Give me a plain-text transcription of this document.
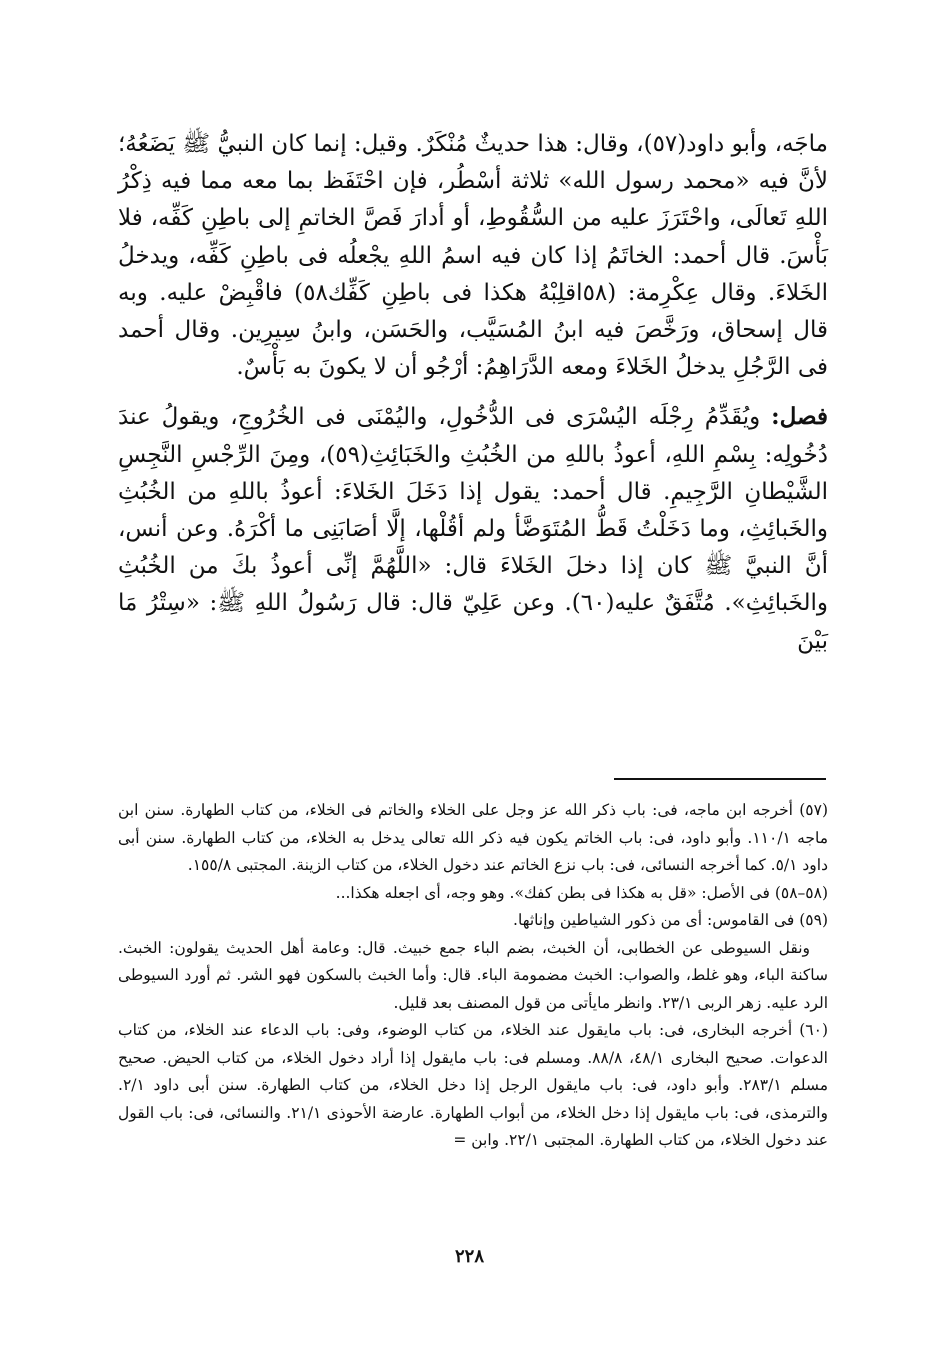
ماجَه، وأبو داود(٥٧)، وقال: هذا حديثٌ مُنْكَرٌ. وقيل: إنما كان النبيُّ ﷺ يَضَعُهُ؛ لأنَّ فيه «محمد رسول الله» ثلاثة أسْطُر، فإن احْتَفَظ بما معه مما فيه ذِكْرُ اللهِ تَعالَى، واحْتَرَزَ عليه من السُّقُوطِ، أو أدارَ فَصَّ الخاتمِ إلى باطِنِ كَفِّه، فلا بَأْسَ. قال أحمد: الخاتَمُ إذا كان فيه اسمُ اللهِ يجْعلُه فى باطِنِ كَفِّه، ويدخلُ الخَلاءَ. وقال عِكْرِمة: (٥٨اقلِبْهُ هكذا فى باطِنِ كَفِّك٥٨) فاقْبِضْ عليه. وبه قال إسحاق، ورَخَّصَ فيه ابنُ المُسَيَّب، والحَسَن، وابنُ سِيرِين. وقال أحمد فى الرَّجُلِ يدخلُ الخَلاءَ ومعه الدَّرَاهِمُ: أرْجُو أن لا يكونَ به بَأْسٌ.

فصل: ويُقَدِّمُ رِجْلَه اليُسْرَى فى الدُّخُولِ، واليُمْنَى فى الخُرُوجِ، ويقولُ عندَ دُخُولِه: بِسْمِ اللهِ، أعوذُ باللهِ من الخُبُثِ والخَبَائِثِ(٥٩)، ومِنَ الرِّجْسِ النَّجِسِ الشَّيْطانِ الرَّجِيمِ. قال أحمد: يقول إذا دَخَلَ الخَلاءَ: أعوذُ باللهِ من الخُبُثِ والخَبائِثِ، وما دَخَلْتُ قَطُّ المُتَوَضَّأ ولم أقُلْها، إلَّا أصَابَنِى ما أكْرَهُ. وعن أنس، أنَّ النبيَّ ﷺ كان إذا دخلَ الخَلاءَ قال: «اللَّهُمَّ إنِّى أعوذُ بكَ من الخُبُثِ والخَبائِثِ». مُتَّفَقٌ عليه(٦٠). وعن عَلِيّ قال: قال رَسُولُ اللهِ ﷺ: «سِتْرُ مَا بَيْنَ

(٥٧) أخرجه ابن ماجه، فى: باب ذكر الله عز وجل على الخلاء والخاتم فى الخلاء، من كتاب الطهارة. سنن ابن ماجه ١١٠/١. وأبو داود، فى: باب الخاتم يكون فيه ذكر الله تعالى يدخل به الخلاء، من كتاب الطهارة. سنن أبى داود ٥/١. كما أخرجه النسائى، فى: باب نزع الخاتم عند دخول الخلاء، من كتاب الزينة. المجتبى ١٥٥/٨.

(٥٨–٥٨) فى الأصل: «قل به هكذا فى بطن كفك». وهو وجه، أى اجعله هكذا...

(٥٩) فى القاموس: أى من ذكور الشياطين وإناثها.

ونقل السيوطى عن الخطابى، أن الخبث، بضم الباء جمع خبيث. قال: وعامة أهل الحديث يقولون: الخبث. ساكنة الباء، وهو غلط، والصواب: الخبث مضمومة الباء. قال: وأما الخبث بالسكون فهو الشر. ثم أورد السيوطى الرد عليه. زهر الربى ٢٣/١. وانظر مايأتى من قول المصنف بعد قليل.

(٦٠) أخرجه البخارى، فى: باب مايقول عند الخلاء، من كتاب الوضوء، وفى: باب الدعاء عند الخلاء، من كتاب الدعوات. صحيح البخارى ٤٨/١، ٨٨/٨. ومسلم فى: باب مايقول إذا أراد دخول الخلاء، من كتاب الحيض. صحيح مسلم ٢٨٣/١. وأبو داود، فى: باب مايقول الرجل إذا دخل الخلاء، من كتاب الطهارة. سنن أبى داود ٢/١. والترمذى، فى: باب مايقول إذا دخل الخلاء، من أبواب الطهارة. عارضة الأحوذى ٢١/١. والنسائى، فى: باب القول عند دخول الخلاء، من كتاب الطهارة. المجتبى ٢٢/١. وابن =

٢٢٨
